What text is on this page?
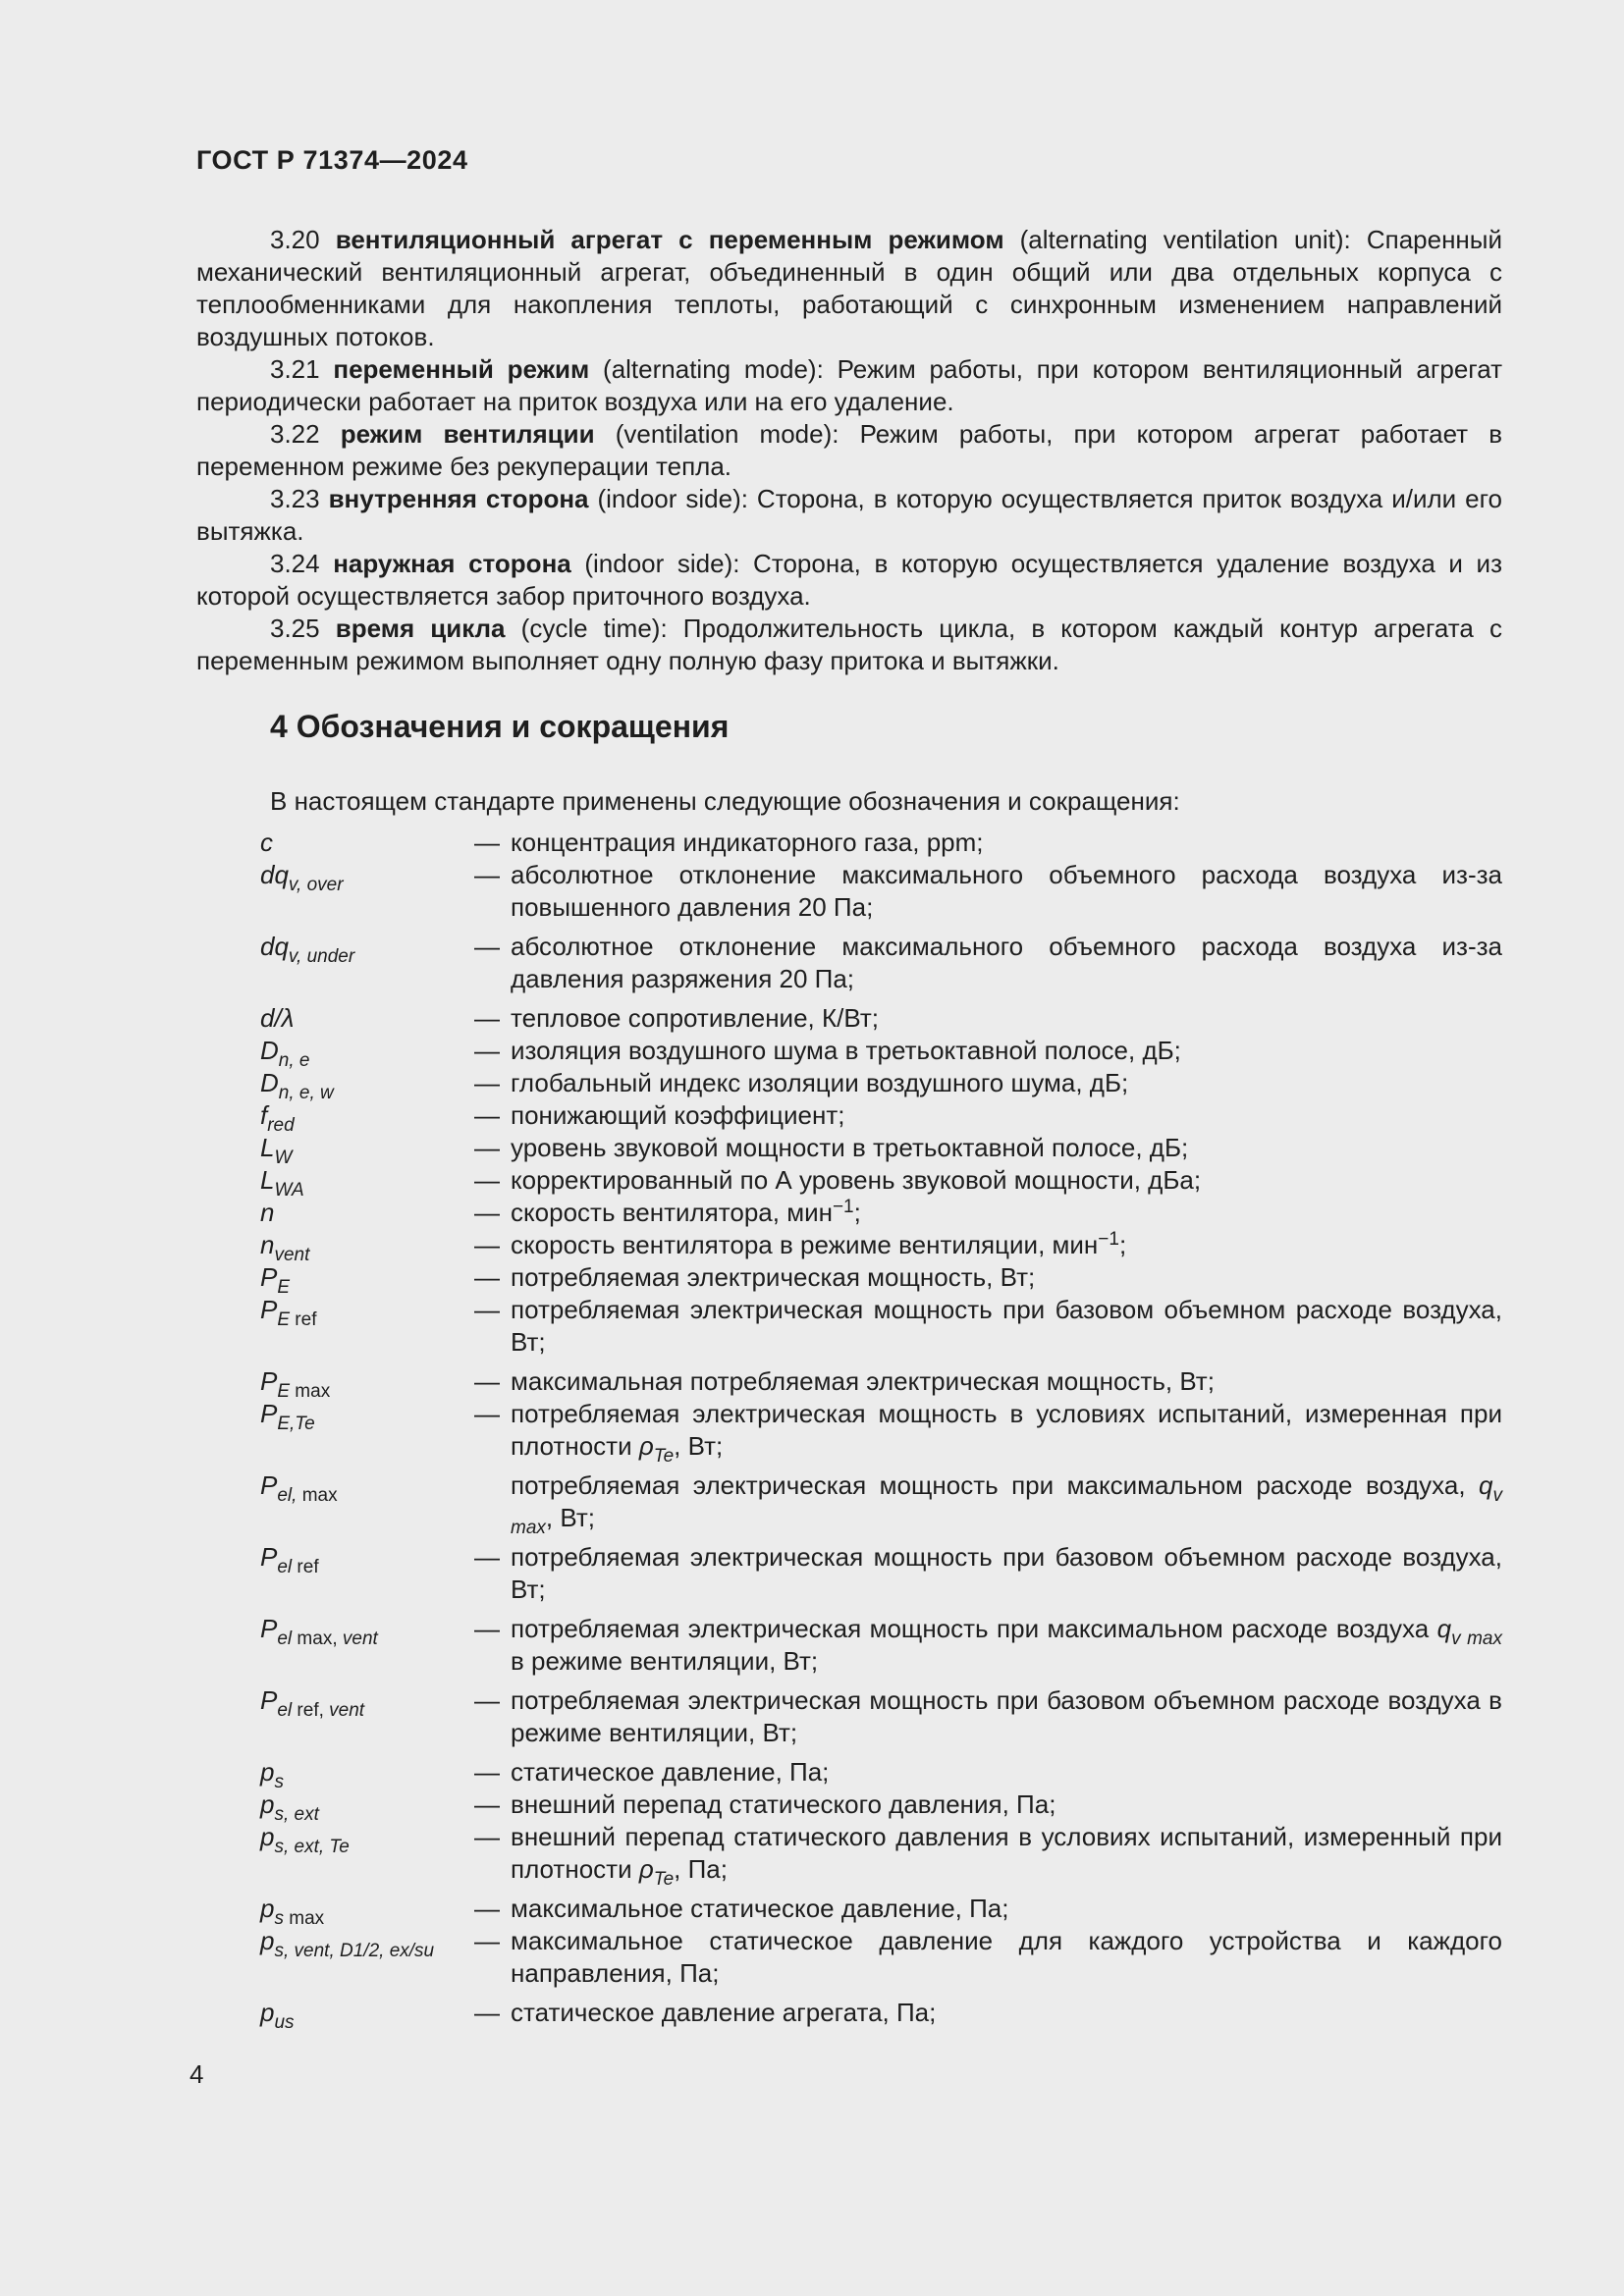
ГОСТ Р 71374—2024

3.20 вентиляционный агрегат с переменным режимом (alternating ventilation unit): Спаренный механический вентиляционный агрегат, объединенный в один общий или два отдельных корпуса с теплообменниками для накопления теплоты, работающий с синхронным изменением направлений воздушных потоков.

3.21 переменный режим (alternating mode): Режим работы, при котором вентиляционный агрегат периодически работает на приток воздуха или на его удаление.

3.22 режим вентиляции (ventilation mode): Режим работы, при котором агрегат работает в переменном режиме без рекуперации тепла.

3.23 внутренняя сторона (indoor side): Сторона, в которую осуществляется приток воздуха и/или его вытяжка.

3.24 наружная сторона (indoor side): Сторона, в которую осуществляется удаление воздуха и из которой осуществляется забор приточного воздуха.

3.25 время цикла (cycle time): Продолжительность цикла, в котором каждый контур агрегата с переменным режимом выполняет одну полную фазу притока и вытяжки.

4 Обозначения и сокращения

В настоящем стандарте применены следующие обозначения и сокращения:

c	— концентрация индикаторного газа, ppm;
$dq_{v, over}$	— абсолютное отклонение максимального объемного расхода воздуха из-за повышенного давления 20 Па;
$dq_{v, under}$	— абсолютное отклонение максимального объемного расхода воздуха из-за давления разряжения 20 Па;
d/λ	— тепловое сопротивление, К/Вт;
$D_{n, e}$	— изоляция воздушного шума в третьоктавной полосе, дБ;
$D_{n, e, w}$	— глобальный индекс изоляции воздушного шума, дБ;
$f_{red}$	— понижающий коэффициент;
$L_W$	— уровень звуковой мощности в третьоктавной полосе, дБ;
$L_{WA}$	— корректированный по А уровень звуковой мощности, дБа;
n	— скорость вентилятора, мин$^{-1}$;
$n_{vent}$	— скорость вентилятора в режиме вентиляции, мин$^{-1}$;
$P_E$	— потребляемая электрическая мощность, Вт;
$P_E$ $_{ref}$	— потребляемая электрическая мощность при базовом объемном расходе воздуха, Вт;
$P_E$ $_{max}$	— максимальная потребляемая электрическая мощность, Вт;
$P_{E,Te}$	— потребляемая электрическая мощность в условиях испытаний, измеренная при плотности $\rho_{Te}$, Вт;
$P_{el,}$ $_{max}$	потребляемая электрическая мощность при максимальном расходе воздуха, $q_{v max}$, Вт;
$P_{el}$ $_{ref}$	— потребляемая электрическая мощность при базовом объемном расходе воздуха, Вт;
$P_{el}$ $_{max,}$ $_{vent}$	— потребляемая электрическая мощность при максимальном расходе воздуха $q_{v max}$ в режиме вентиляции, Вт;
$P_{el}$ $_{ref,}$ $_{vent}$	— потребляемая электрическая мощность при базовом объемном расходе воздуха в режиме вентиляции, Вт;
$p_s$	— статическое давление, Па;
$p_{s, ext}$	— внешний перепад статического давления, Па;
$p_{s, ext, Te}$	— внешний перепад статического давления в условиях испытаний, измеренный при плотности $\rho_{Te}$, Па;
$p_s$ $_{max}$	— максимальное статическое давление, Па;
$p_{s, vent, D1/2, ex/su}$	— максимальное статическое давление для каждого устройства и каждого направления, Па;
$p_{us}$	— статическое давление агрегата, Па;
4
